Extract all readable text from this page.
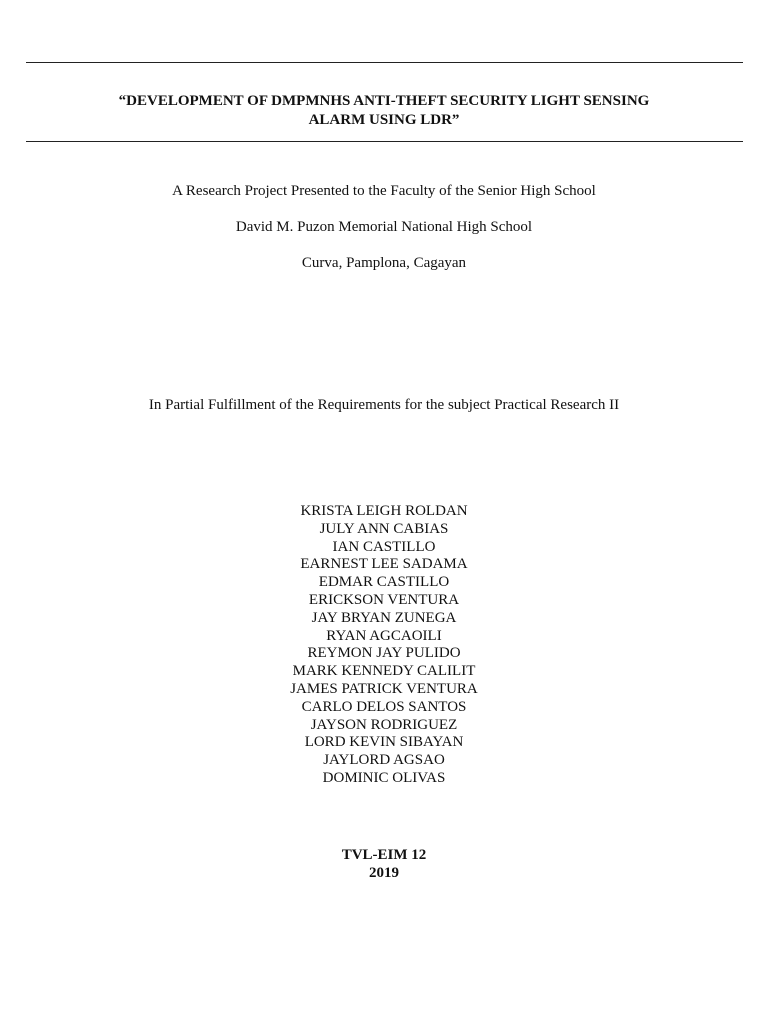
“DEVELOPMENT OF DMPMNHS ANTI-THEFT SECURITY LIGHT SENSING
ALARM USING LDR”

A Research Project Presented to the Faculty of the Senior High School

David M. Puzon Memorial National High School

Curva, Pamplona, Cagayan

In Partial Fulfillment of the Requirements for the subject Practical Research II

KRISTA LEIGH ROLDAN
JULY ANN CABIAS
IAN CASTILLO
EARNEST LEE SADAMA
EDMAR CASTILLO
ERICKSON VENTURA
JAY BRYAN ZUNEGA
RYAN AGCAOILI
REYMON JAY PULIDO
MARK KENNEDY CALILIT
JAMES PATRICK VENTURA
CARLO DELOS SANTOS
JAYSON RODRIGUEZ
LORD KEVIN SIBAYAN
JAYLORD AGSAO
DOMINIC OLIVAS
TVL-EIM 12
2019
